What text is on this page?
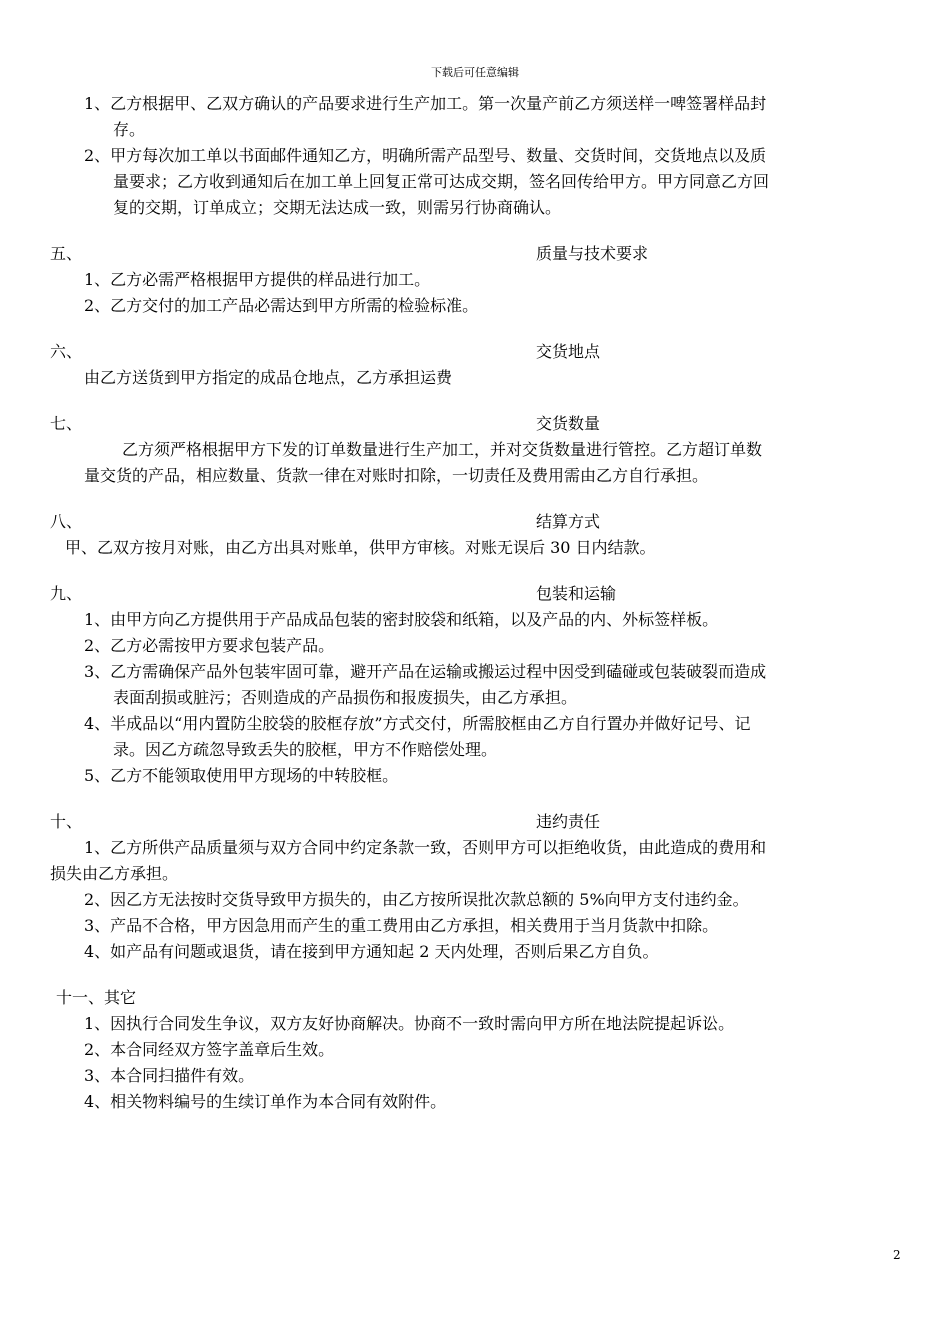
下载后可任意编辑
1、乙方根据甲、乙双方确认的产品要求进行生产加工。第一次量产前乙方须送样一啤签署样品封
存。
2、甲方每次加工单以书面邮件通知乙方，明确所需产品型号、数量、交货时间，交货地点以及质
量要求；乙方收到通知后在加工单上回复正常可达成交期，签名回传给甲方。甲方同意乙方回
复的交期，订单成立；交期无法达成一致，则需另行协商确认。
五、	质量与技术要求
1、乙方必需严格根据甲方提供的样品进行加工。
2、乙方交付的加工产品必需达到甲方所需的检验标准。
六、	交货地点
由乙方送货到甲方指定的成品仓地点，乙方承担运费
七、	交货数量
乙方须严格根据甲方下发的订单数量进行生产加工，并对交货数量进行管控。乙方超订单数
量交货的产品，相应数量、货款一律在对账时扣除，一切责任及费用需由乙方自行承担。
八、	结算方式
甲、乙双方按月对账，由乙方出具对账单，供甲方审核。对账无误后 30 日内结款。
九、	包装和运输
1、由甲方向乙方提供用于产品成品包装的密封胶袋和纸箱，以及产品的内、外标签样板。
2、乙方必需按甲方要求包装产品。
3、乙方需确保产品外包装牢固可靠，避开产品在运输或搬运过程中因受到磕碰或包装破裂而造成
表面刮损或脏污；否则造成的产品损伤和报废损失，由乙方承担。
4、半成品以“用内置防尘胶袋的胶框存放”方式交付，所需胶框由乙方自行置办并做好记号、记
录。因乙方疏忽导致丢失的胶框，甲方不作赔偿处理。
5、乙方不能领取使用甲方现场的中转胶框。
十、	违约责任
1、乙方所供产品质量须与双方合同中约定条款一致，否则甲方可以拒绝收货，由此造成的费用和
损失由乙方承担。
2、因乙方无法按时交货导致甲方损失的，由乙方按所误批次款总额的 5%向甲方支付违约金。
3、产品不合格，甲方因急用而产生的重工费用由乙方承担，相关费用于当月货款中扣除。
4、如产品有问题或退货，请在接到甲方通知起 2 天内处理，否则后果乙方自负。
十一、其它
1、因执行合同发生争议，双方友好协商解决。协商不一致时需向甲方所在地法院提起诉讼。
2、本合同经双方签字盖章后生效。
3、本合同扫描件有效。
4、相关物料编号的生续订单作为本合同有效附件。
2
